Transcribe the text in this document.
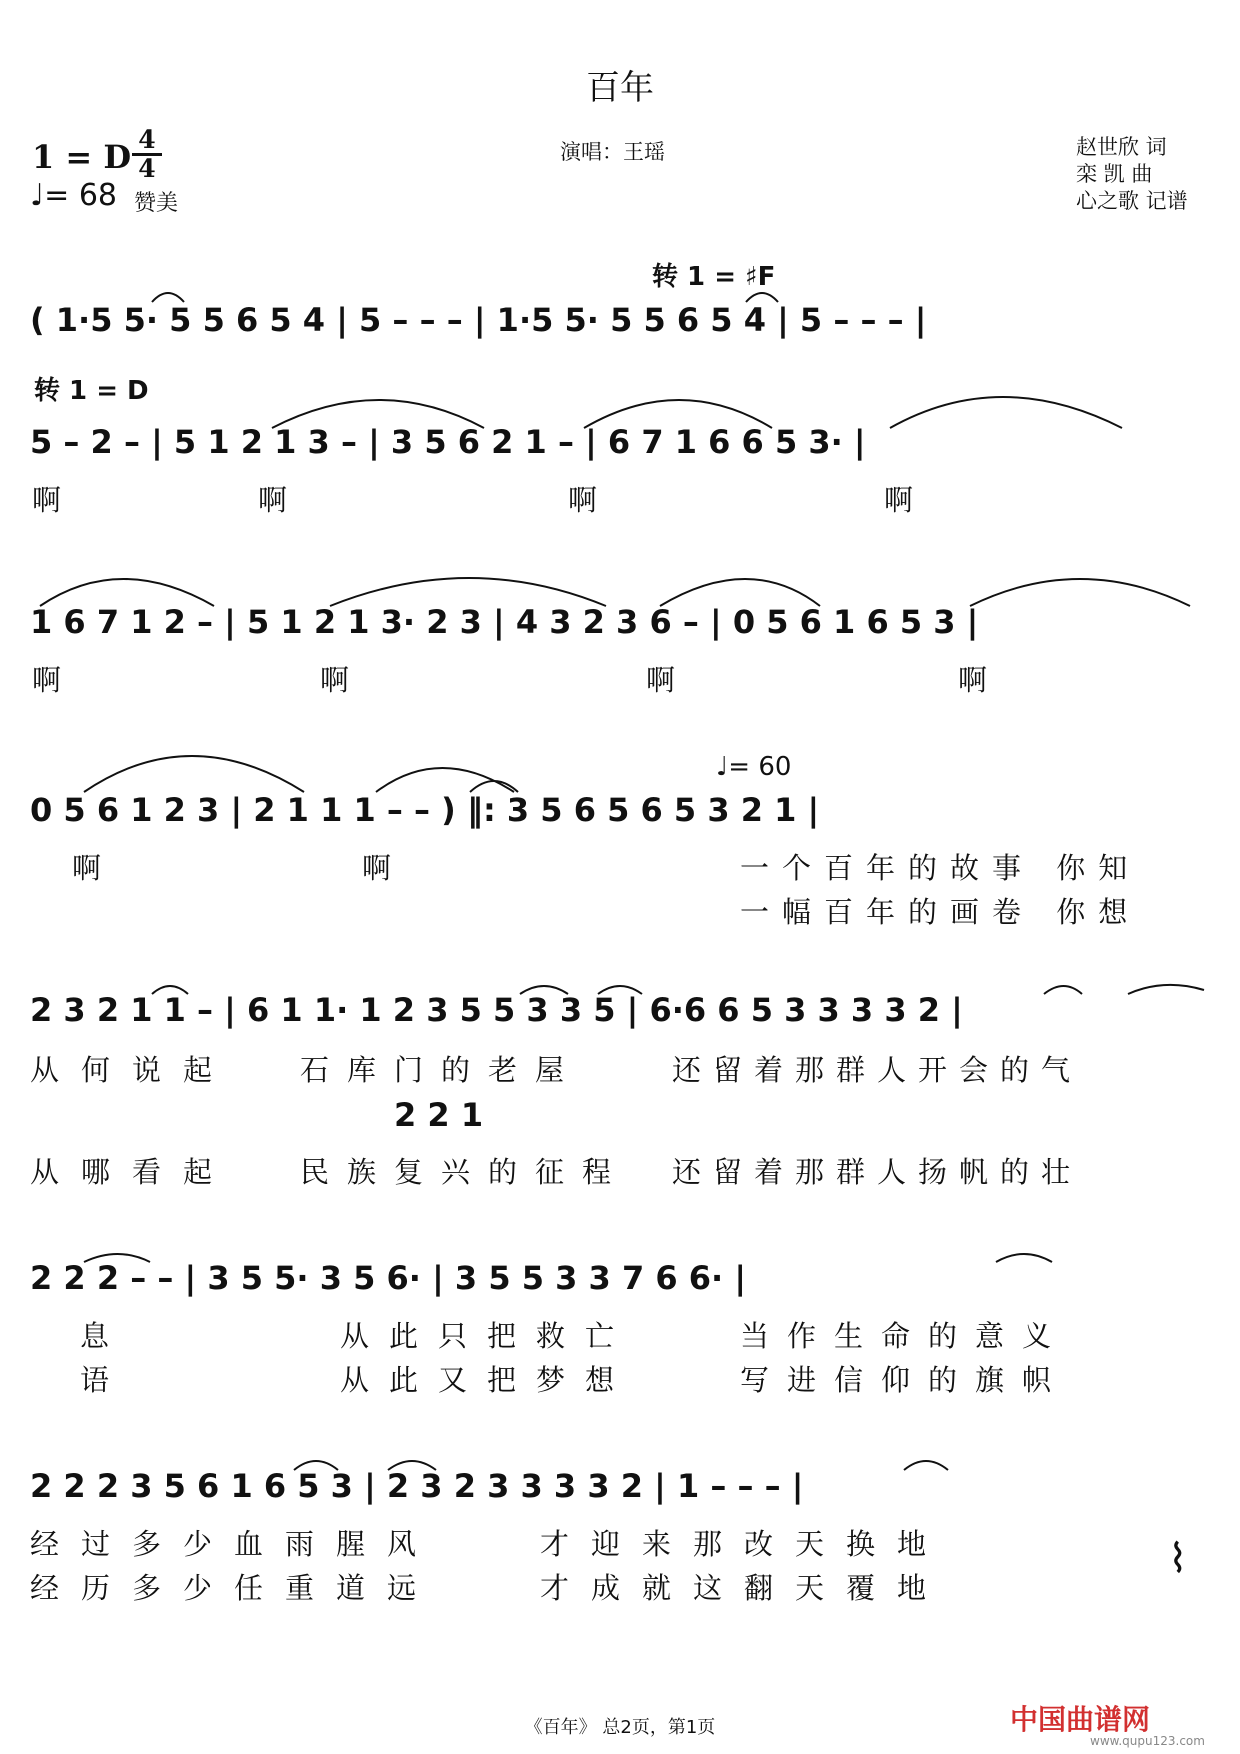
百年
1 = D 4
4
♩= 68 赞美
演唱：王瑶	赵世欣 词
栾 凯 曲
心之歌 记谱
转 1 = ♯F
转 1 = D
♩= 60
( 1·5 5· 5 5 6 5 4 | 5 – – – | 1·5 5· 5 5 6 5 4 | 5 – – – |
5 – 2 – | 5 1 2 1 3 – | 3 5 6 2 1 – | 6 7 1 6 6 5 3· |
啊	啊	啊	啊
1 6 7 1 2 – | 5 1 2 1 3· 2 3 | 4 3 2 3 6 – | 0 5 6 1 6 5 3 |
啊	啊	啊	啊
0 5 6 1 2 3 | 2 1 1 1 – – ) ‖: 3 5 6 5 6 5 3 2 1 |
啊	啊	一个百年的故事 你知
一幅百年的画卷 你想
2 3 2 1 1 – | 6 1 1· 1 2 3 5 5 3 3 5 | 6·6 6 5 3 3 3 3 2 |
从何说起 石库门的老屋	还留着那群人开会的气
2 2 1
从哪看起 民族复兴的征程 还留着那群人扬帆的壮
2 2 2 – – | 3 5 5· 3 5 6· | 3 5 5 3 3 7 6 6· |
息	从此只把救亡	当作生命的意义
语	从此又把梦想	写进信仰的旗帜
2 2 2 3 5 6 1 6 5 3 | 2 3 2 3 3 3 3 2 | 1 – – – |
经过多少血雨腥风	才迎来那改天换地
经历多少任重道远	才成就这翻天覆地
⌇
《百年》 总2页，第1页	中国曲谱网
www.qupu123.com
